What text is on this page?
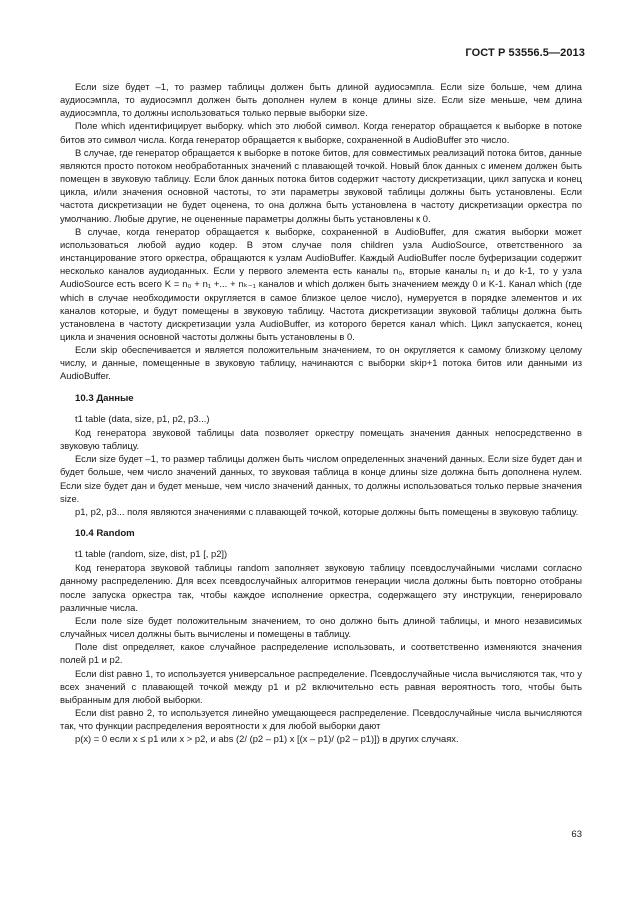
ГОСТ Р 53556.5—2013

Если size будет –1, то размер таблицы должен быть длиной аудиосэмпла. Если size больше, чем длина аудиосэмпла, то аудиосэмпл должен быть дополнен нулем в конце длины size. Если size меньше, чем длина аудиосэмпла, то должны использоваться только первые выборки size.

Поле which идентифицирует выборку. which это любой символ. Когда генератор обращается к выборке в потоке битов это символ числа. Когда генератор обращается к выборке, сохраненной в AudioBuffer это число.

В случае, где генератор обращается к выборке в потоке битов, для совместимых реализаций потока битов, данные являются просто потоком необработанных значений с плавающей точкой. Новый блок данных с именем должен быть помещен в звуковую таблицу. Если блок данных потока битов содержит частоту дискретизации, цикл запуска и конец цикла, и/или значения основной частоты, то эти параметры звуковой таблицы должны быть установлены. Если частота дискретизации не будет оценена, то она должна быть установлена в частоту дискретизации оркестра по умолчанию. Любые другие, не оцененные параметры должны быть установлены к 0.

В случае, когда генератор обращается к выборке, сохраненной в AudioBuffer, для сжатия выборки может использоваться любой аудио кодер. В этом случае поля children узла AudioSource, ответственного за инстанцирование этого оркестра, обращаются к узлам AudioBuffer. Каждый AudioBuffer после буферизации содержит несколько каналов аудиоданных. Если у первого элемента есть каналы n₀, вторые каналы n₁ и до k-1, то у узла AudioSource есть всего K = n₀ + n₁ +... + nₖ₋₁ каналов и which должен быть значением между 0 и K-1. Канал which (где which в случае необходимости округляется в самое близкое целое число), нумеруется в порядке элементов и их каналов которые, и будут помещены в звуковую таблицу. Частота дискретизации звуковой таблицы должна быть установлена в частоту дискретизации узла AudioBuffer, из которого берется канал which. Цикл запускается, конец цикла и значения основной частоты должны быть установлены в 0.

Если skip обеспечивается и является положительным значением, то он округляется к самому близкому целому числу, и данные, помещенные в звуковую таблицу, начинаются с выборки skip+1 потока битов или данными из AudioBuffer.

10.3 Данные

t1 table (data, size, p1, p2, p3...)

Код генератора звуковой таблицы data позволяет оркестру помещать значения данных непосредственно в звуковую таблицу.

Если size будет –1, то размер таблицы должен быть числом определенных значений данных. Если size будет дан и будет больше, чем число значений данных, то звуковая таблица в конце длины size должна быть дополнена нулем. Если size будет дан и будет меньше, чем число значений данных, то должны использоваться только первые значения size.

p1, p2, p3... поля являются значениями с плавающей точкой, которые должны быть помещены в звуковую таблицу.

10.4 Random

t1 table (random, size, dist, p1 [, p2])

Код генератора звуковой таблицы random заполняет звуковую таблицу псевдослучайными числами согласно данному распределению. Для всех псевдослучайных алгоритмов генерации числа должны быть повторно отобраны после запуска оркестра так, чтобы каждое исполнение оркестра, содержащего эту инструкции, генерировало различные числа.

Если поле size будет положительным значением, то оно должно быть длиной таблицы, и много независимых случайных чисел должны быть вычислены и помещены в таблицу.

Поле dist определяет, какое случайное распределение использовать, и соответственно изменяются значения полей p1 и p2.

Если dist равно 1, то используется универсальное распределение. Псевдослучайные числа вычисляются так, что у всех значений с плавающей точкой между p1 и p2 включительно есть равная вероятность того, чтобы быть выбранным для любой выборки.

Если dist равно 2, то используется линейно умещающееся распределение. Псевдослучайные числа вычисляются так, что функции распределения вероятности x для любой выборки дают

p(x) = 0 если x ≤ p1 или x > p2, и abs (2/ (p2 – p1) x [(x – p1)/ (p2 – p1)]) в других случаях.

63
